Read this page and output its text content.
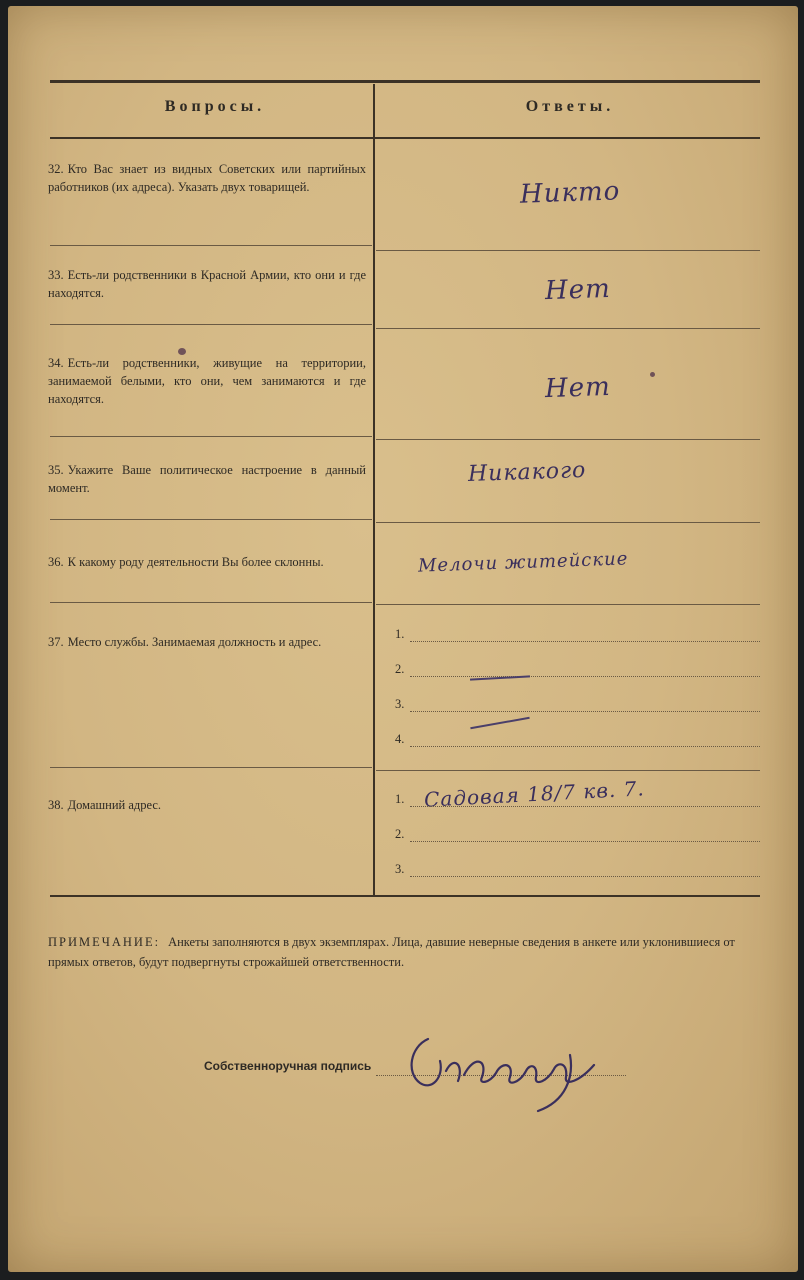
Вопросы.	Ответы.
32. Кто Вас знает из видных Советских или партийных работников (их адреса). Указать двух товарищей.
33. Есть-ли родственники в Красной Армии, кто они и где находятся.
34. Есть-ли родственники, живущие на территории, занимаемой белыми, кто они, чем занимаются и где находятся.
35. Укажите Ваше политическое настроение в данный момент.
36. К какому роду деятельности Вы более склонны.
37. Место службы. Занимаемая должность и адрес.
38. Домашний адрес.
Никто
Нет
Нет
Никакого
Мелочи житейские
Садовая 18/7 кв. 7.
1.
2.
3.
4.
1.
2.
3.
ПРИМЕЧАНИЕ: Анкеты заполняются в двух экземплярах. Лица, давшие неверные сведения в анкете или уклонившиеся от прямых ответов, будут подвергнуты строжайшей ответственности.
Собственноручная подпись
